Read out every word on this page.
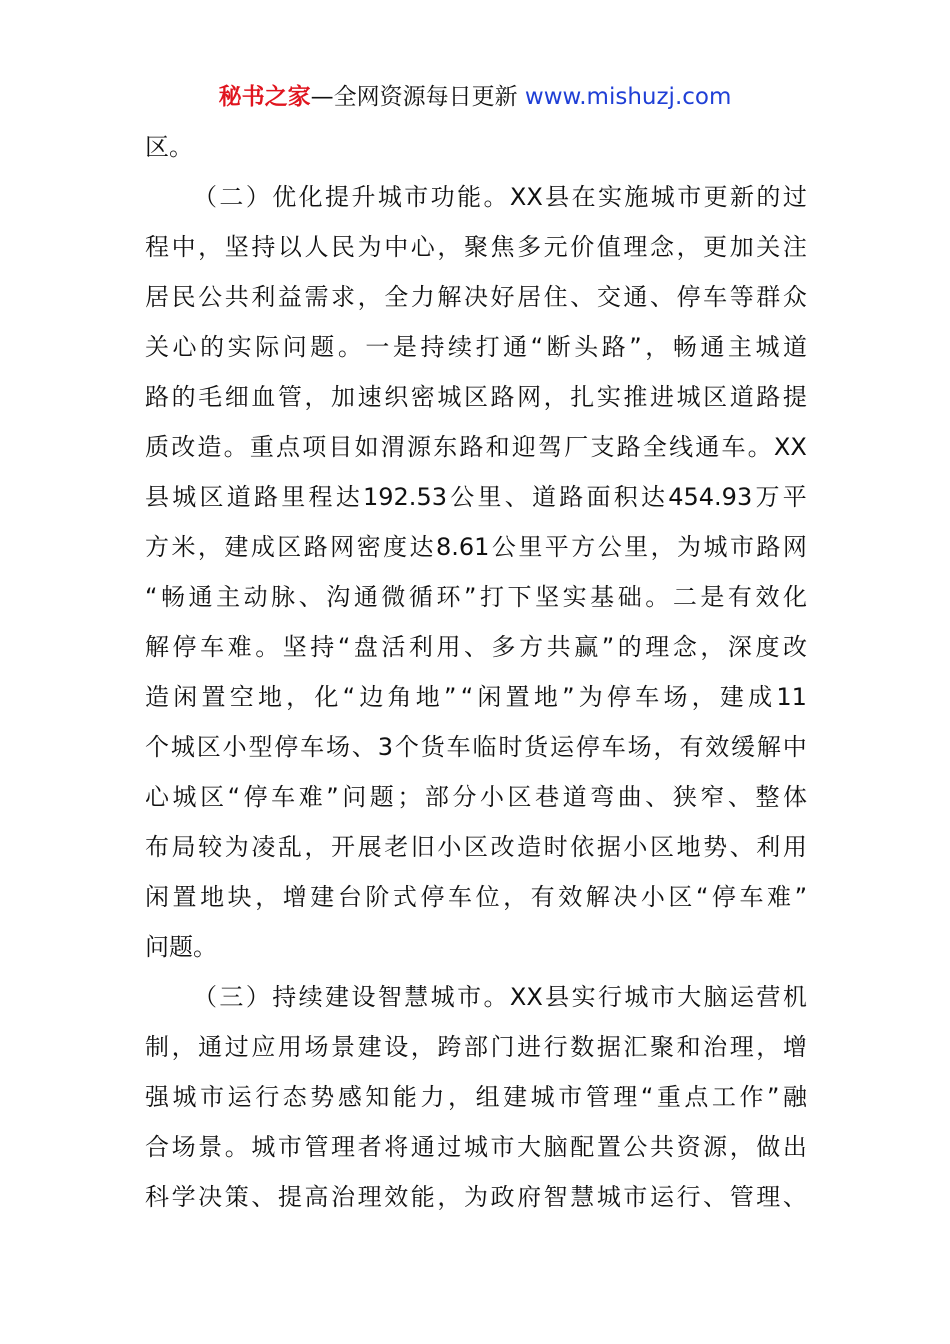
秘书之家—全网资源每日更新 www.mishuzj.com
区。
（ 二 ） 优 化 提 升 城 市 功 能 。 XX 县 在 实 施 城 市 更 新 的 过
程 中 ， 坚 持 以 人 民 为 中 心 ， 聚 焦 多 元 价 值 理 念 ， 更 加 关 注
居 民 公 共 利 益 需 求 ， 全 力 解 决 好 居 住 、 交 通 、 停 车 等 群 众
关 心 的 实 际 问 题 。 一 是 持 续 打 通 “ 断 头 路 ” ， 畅 通 主 城 道
路 的 毛 细 血 管 ， 加 速 织 密 城 区 路 网 ， 扎 实 推 进 城 区 道 路 提
质 改 造 。 重 点 项 目 如 渭 源 东 路 和 迎 驾 厂 支 路 全 线 通 车 。 XX
县 城 区 道 路 里 程 达 192.53 公 里 、 道 路 面 积 达 454.93 万 平
方 米 ， 建 成 区 路 网 密 度 达 8.61 公 里 平 方 公 里 ， 为 城 市 路 网
“ 畅 通 主 动 脉 、 沟 通 微 循 环 ” 打 下 坚 实 基 础 。 二 是 有 效 化
解 停 车 难 。 坚 持 “ 盘 活 利 用 、 多 方 共 赢 ” 的 理 念 ， 深 度 改
造 闲 置 空 地 ， 化 “ 边 角 地 ” “ 闲 置 地 ” 为 停 车 场 ， 建 成 11
个 城 区 小 型 停 车 场 、 3 个 货 车 临 时 货 运 停 车 场 ， 有 效 缓 解 中
心 城 区 “ 停 车 难 ” 问 题 ； 部 分 小 区 巷 道 弯 曲 、 狭 窄 、 整 体
布 局 较 为 凌 乱 ， 开 展 老 旧 小 区 改 造 时 依 据 小 区 地 势 、 利 用
闲 置 地 块 ， 增 建 台 阶 式 停 车 位 ， 有 效 解 决 小 区 “ 停 车 难 ”
问题。
（ 三 ） 持 续 建 设 智 慧 城 市 。 XX 县 实 行 城 市 大 脑 运 营 机
制 ， 通 过 应 用 场 景 建 设 ， 跨 部 门 进 行 数 据 汇 聚 和 治 理 ， 增
强 城 市 运 行 态 势 感 知 能 力 ， 组 建 城 市 管 理 “ 重 点 工 作 ” 融
合 场 景 。 城 市 管 理 者 将 通 过 城 市 大 脑 配 置 公 共 资 源 ， 做 出
科 学 决 策 、 提 高 治 理 效 能 ， 为 政 府 智 慧 城 市 运 行 、 管 理 、
